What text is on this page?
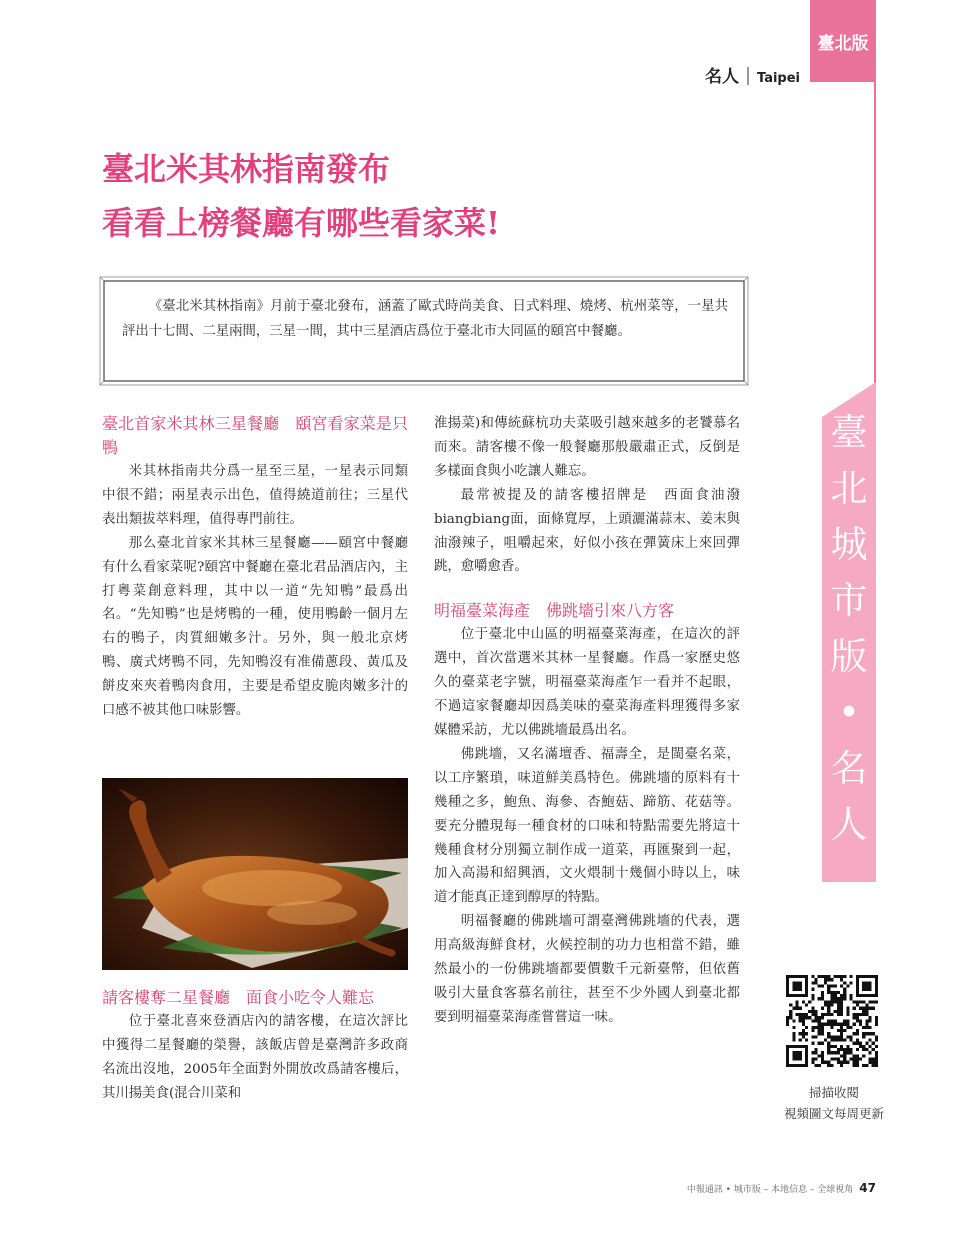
臺北版
名人 Taipei
臺
北
城
市
版
•
名
人
臺北米其林指南發布
看看上榜餐廳有哪些看家菜!
《臺北米其林指南》月前于臺北發布，涵蓋了歐式時尚美食、日式料理、燒烤、杭州菜等，一星共評出十七間、二星兩間，三星一間，其中三星酒店爲位于臺北市大同區的頤宮中餐廳。
臺北首家米其林三星餐廳　頤宮看家菜是只鴨

米其林指南共分爲一星至三星，一星表示同類中很不錯；兩星表示出色，值得繞道前往；三星代表出類拔萃料理，值得專門前往。

那么臺北首家米其林三星餐廳——頤宮中餐廳有什么看家菜呢?頤宮中餐廳在臺北君品酒店內，主打粵菜創意料理，其中以一道“先知鴨”最爲出名。“先知鴨”也是烤鴨的一種，使用鴨齡一個月左右的鴨子，肉質細嫩多汁。另外，與一般北京烤鴨、廣式烤鴨不同，先知鴨沒有准備蔥段、黃瓜及餅皮來夾着鴨肉食用，主要是希望皮脆肉嫩多汁的口感不被其他口味影響。

請客樓奪二星餐廳　面食小吃令人難忘

位于臺北喜來登酒店內的請客樓，在這次評比中獲得二星餐廳的榮譽，該飯店曾是臺灣許多政商名流出沒地，2005年全面對外開放改爲請客樓后，其川揚美食(混合川菜和

淮揚菜)和傳統蘇杭功夫菜吸引越來越多的老饕慕名而來。請客樓不像一般餐廳那般嚴肅正式，反倒是多樣面食與小吃讓人難忘。

最常被提及的請客樓招牌是　西面食油潑biangbiang面，面條寬厚，上頭灑滿蒜末、姜末與油潑辣子，咀嚼起來，好似小孩在彈簧床上來回彈跳，愈嚼愈香。

明福臺菜海產　佛跳墻引來八方客

位于臺北中山區的明福臺菜海產，在這次的評選中，首次當選米其林一星餐廳。作爲一家歷史悠久的臺菜老字號，明福臺菜海產乍一看并不起眼，不過這家餐廳却因爲美味的臺菜海產料理獲得多家媒體采訪，尤以佛跳墻最爲出名。

佛跳墻，又名滿壇香、福壽全，是閩臺名菜，以工序繁瑣，味道鮮美爲特色。佛跳墻的原料有十幾種之多，鮑魚、海參、杏鮑菇、蹄筋、花菇等。要充分體現每一種食材的口味和特點需要先將這十幾種食材分別獨立制作成一道菜，再匯聚到一起，加入高湯和紹興酒，文火煨制十幾個小時以上，味道才能真正達到醇厚的特點。

明福餐廳的佛跳墻可謂臺灣佛跳墻的代表，選用高級海鮮食材，火候控制的功力也相當不錯，雖然最小的一份佛跳墻都要價數千元新臺幣，但依舊吸引大量食客慕名前往，甚至不少外國人到臺北都要到明福臺菜海產嘗嘗這一味。

掃描收閱
視頻圖文每周更新
中報通訊 • 城市版 – 本地信息 – 全球視角 47
